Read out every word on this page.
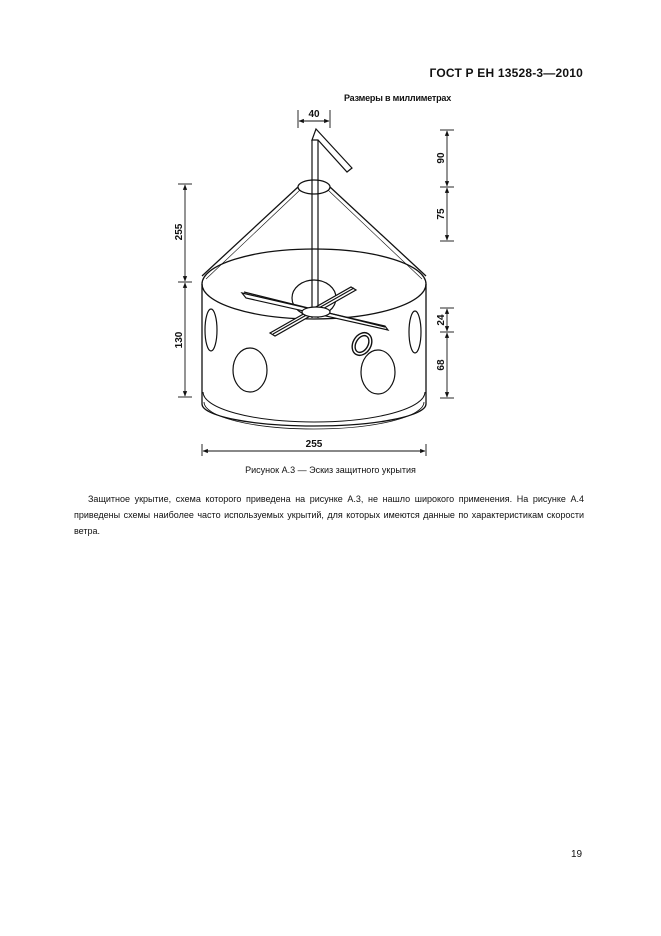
ГОСТ Р ЕН 13528-3—2010
Размеры в миллиметрах
40
255
130
90
75
24
68
255
Рисунок А.3 — Эскиз защитного укрытия
Защитное укрытие, схема которого приведена на рисунке А.3, не нашло широкого применения. На рисунке А.4 приведены схемы наиболее часто используемых укрытий, для которых имеются данные по характеристикам скорости ветра.
19
